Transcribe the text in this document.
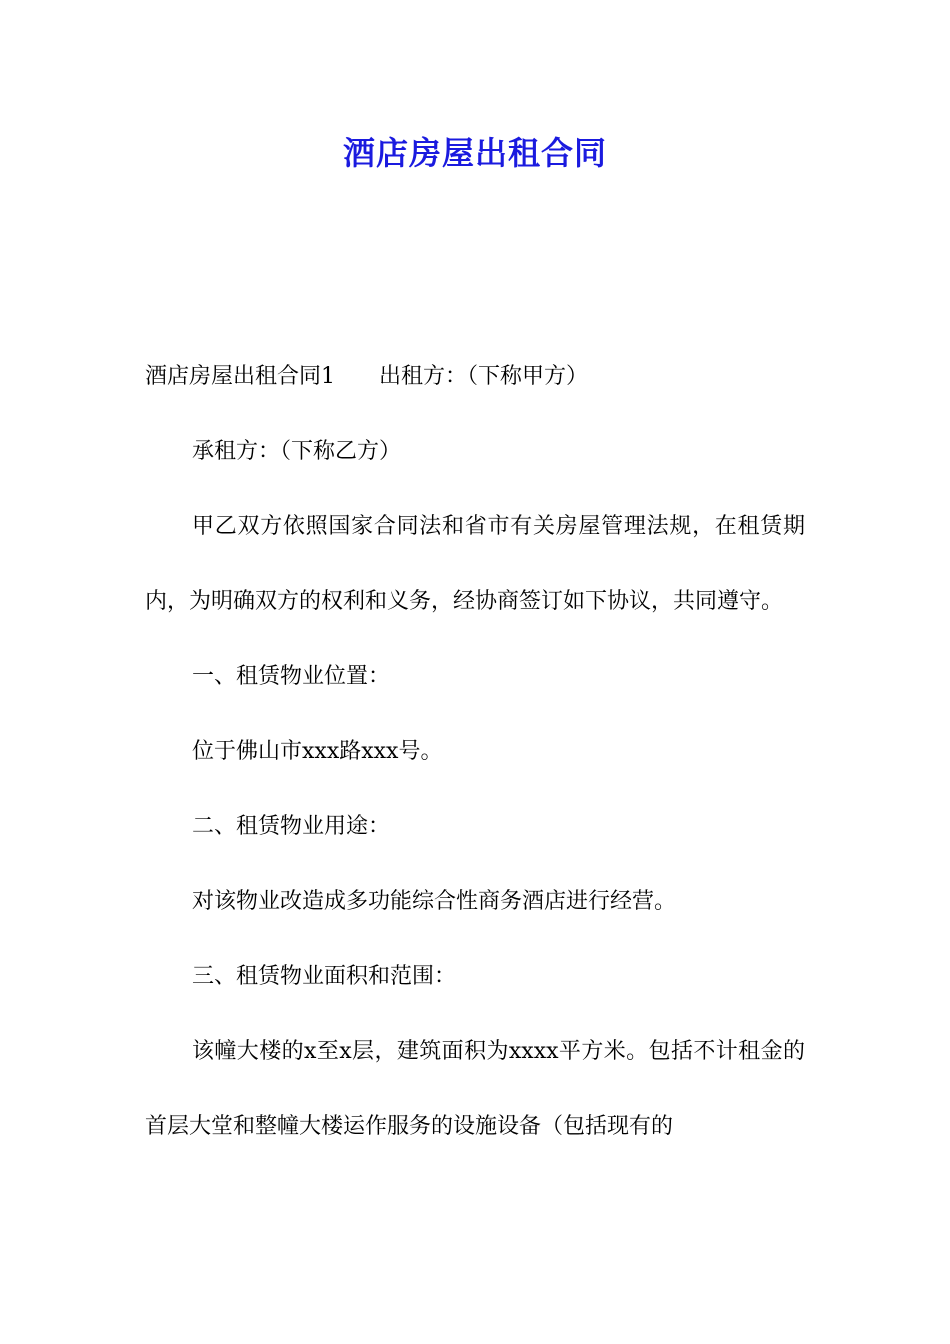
酒店房屋出租合同

酒店房屋出租合同1 出租方：（下称甲方）

承租方：（下称乙方）

甲乙双方依照国家合同法和省市有关房屋管理法规，在租赁期内，为明确双方的权利和义务，经协商签订如下协议，共同遵守。

一、租赁物业位置：

位于佛山市xxx路xxx号。

二、租赁物业用途：

对该物业改造成多功能综合性商务酒店进行经营。

三、租赁物业面积和范围：

该幢大楼的x至x层，建筑面积为xxxx平方米。包括不计租金的首层大堂和整幢大楼运作服务的设施设备（包括现有的
